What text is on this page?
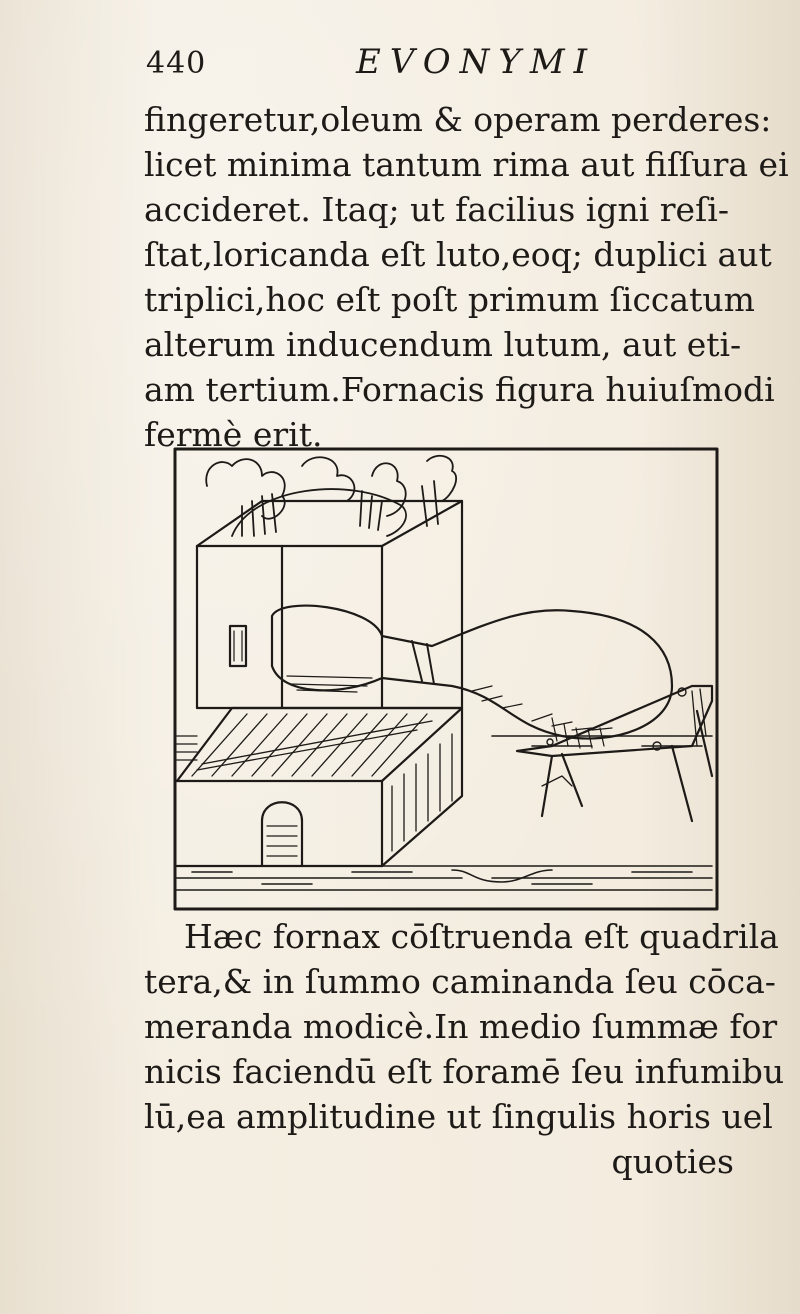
440	EVONYMI
fingeretur,oleum & operam perderes:
licet minima tantum rima aut fiſſura ei
accideret. Itaq; ut facilius igni reſi-
ſtat,loricanda eſt luto,eoq; duplici aut
triplici,hoc eſt poſt primum ſiccatum
alterum inducendum lutum, aut eti-
am tertium.Fornacis figura huiuſmodi
fermè erit.
Hæc fornax cōſtruenda eſt quadrila
tera,& in ſummo caminanda ſeu cōca-
meranda modicè.In medio ſummæ for
nicis faciendū eſt foramē ſeu infumibu
lū,ea amplitudine ut ſingulis horis uel
quoties
